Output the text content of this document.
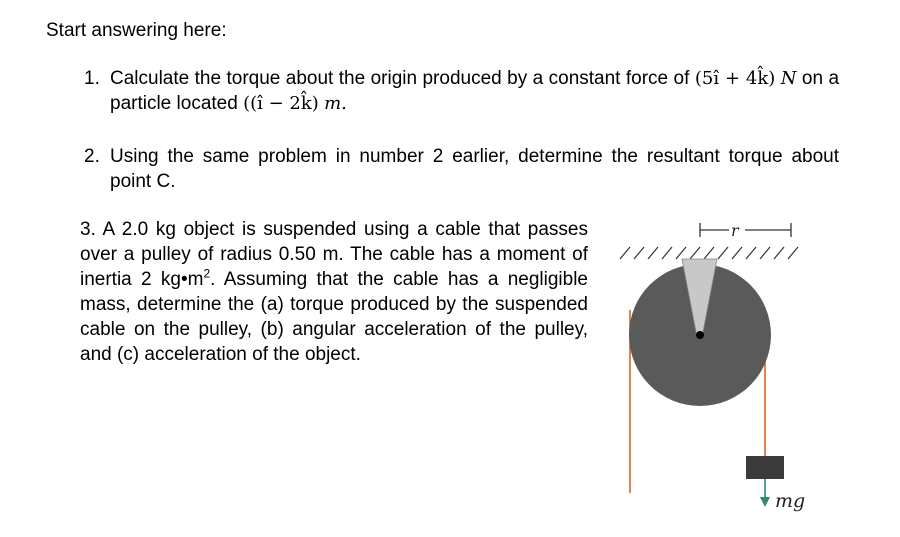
Start answering here:
1. Calculate the torque about the origin produced by a constant force of (5ı̂ + 4k̂) N on a particle located ((ı̂ − 2k̂) m.
2. Using the same problem in number 2 earlier, determine the resultant torque about point C.
3. A 2.0 kg object is suspended using a cable that passes over a pulley of radius 0.50 m. The cable has a moment of inertia 2 $kg•m^2$. Assuming that the cable has a negligible mass, determine the (a) torque produced by the suspended cable on the pulley, (b) angular acceleration of the pulley, and (c) acceleration of the object.
r
mg
